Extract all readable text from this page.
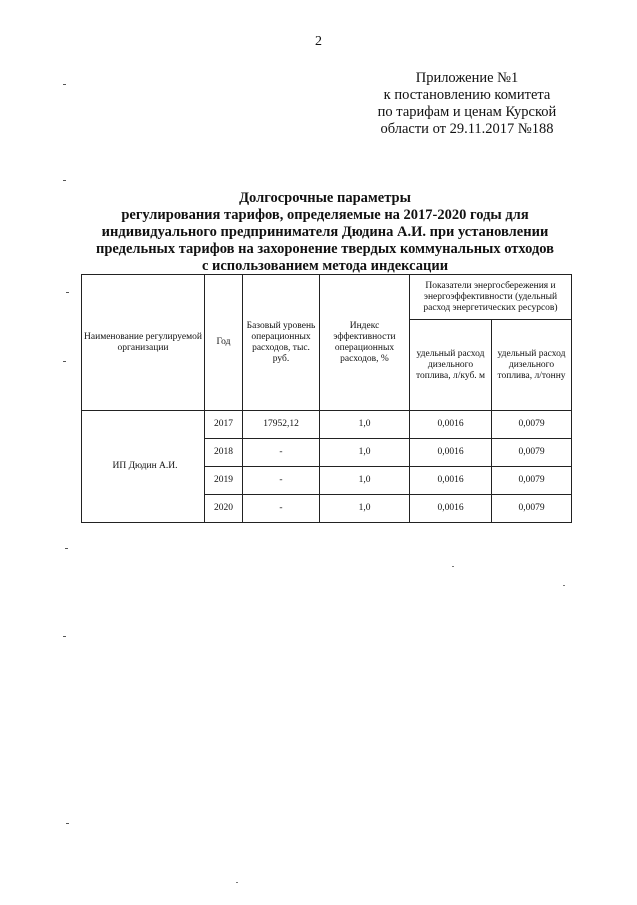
2
Приложение №1
к постановлению комитета
по тарифам и ценам Курской
области от 29.11.2017 №188
Долгосрочные параметры
регулирования тарифов, определяемые на 2017-2020 годы для
индивидуального предпринимателя Дюдина А.И. при установлении
предельных тарифов на захоронение твердых коммунальных отходов
с использованием метода индексации
Наименование регулируемой организации	Год	Базовый уровень операционных расходов, тыс. руб.	Индекс эффективности операционных расходов, %	Показатели энергосбережения и энергоэффективности (удельный расход энергетических ресурсов)	
				удельный расход дизельного топлива, л/куб. м	удельный расход дизельного топлива, л/тонну
ИП Дюдин А.И.	2017	17952,12	1,0	0,0016	0,0079
	2018	-	1,0	0,0016	0,0079
	2019	-	1,0	0,0016	0,0079
	2020	-	1,0	0,0016	0,0079
